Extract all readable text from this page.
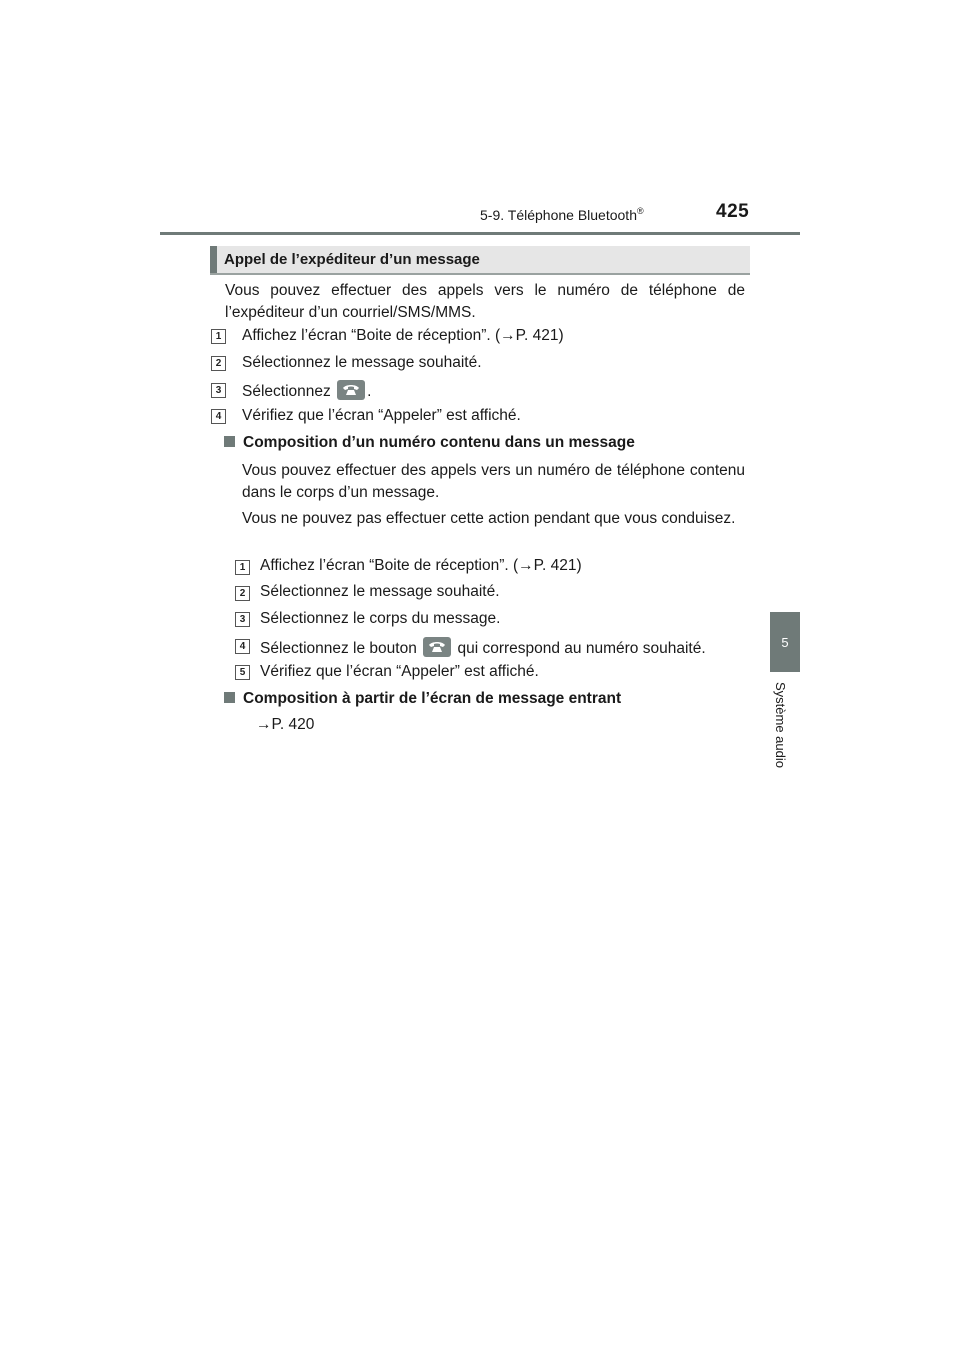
5-9. Téléphone Bluetooth®	425
5
Système audio
Appel de l’expéditeur d’un message
Vous pouvez effectuer des appels vers le numéro de téléphone de l’expéditeur d’un courriel/SMS/MMS.
1	Affichez l’écran “Boite de réception”. (→P. 421)
2	Sélectionnez le message souhaité.
3	Sélectionnez
.
4	Vérifiez que l’écran “Appeler” est affiché.
Composition d’un numéro contenu dans un message
Vous pouvez effectuer des appels vers un numéro de téléphone contenu dans le corps d’un message.
Vous ne pouvez pas effectuer cette action pendant que vous conduisez.
1 Affichez l’écran “Boite de réception”. (→P. 421)
2 Sélectionnez le message souhaité.
3 Sélectionnez le corps du message.
4 Sélectionnez le bouton
qui correspond au numéro souhaité.
5 Vérifiez que l’écran “Appeler” est affiché.
Composition à partir de l’écran de message entrant
→P. 420
